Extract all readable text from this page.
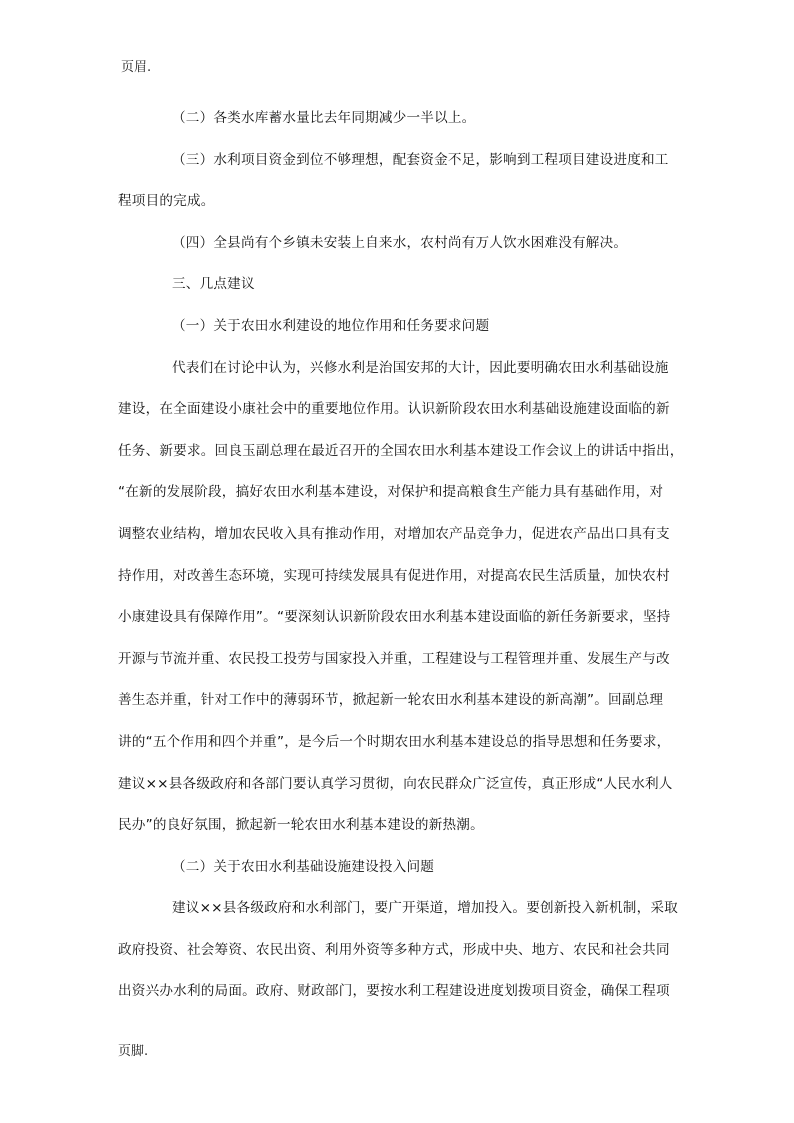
页眉.

（二）各类水库蓄水量比去年同期减少一半以上。

（三）水利项目资金到位不够理想，配套资金不足，影响到工程项目建设进度和工

程项目的完成。

（四）全县尚有个乡镇未安装上自来水，农村尚有万人饮水困难没有解决。

三、几点建议

（一）关于农田水利建设的地位作用和任务要求问题

代表们在讨论中认为，兴修水利是治国安邦的大计，因此要明确农田水利基础设施

建设，在全面建设小康社会中的重要地位作用。认识新阶段农田水利基础设施建设面临的新

任务、新要求。回良玉副总理在最近召开的全国农田水利基本建设工作会议上的讲话中指出，

“在新的发展阶段，搞好农田水利基本建设，对保护和提高粮食生产能力具有基础作用，对

调整农业结构，增加农民收入具有推动作用，对增加农产品竞争力，促进农产品出口具有支

持作用，对改善生态环境，实现可持续发展具有促进作用，对提高农民生活质量，加快农村

小康建设具有保障作用”。“要深刻认识新阶段农田水利基本建设面临的新任务新要求，坚持

开源与节流并重、农民投工投劳与国家投入并重，工程建设与工程管理并重、发展生产与改

善生态并重，针对工作中的薄弱环节，掀起新一轮农田水利基本建设的新高潮”。回副总理

讲的“五个作用和四个并重”，是今后一个时期农田水利基本建设总的指导思想和任务要求，

建议××县各级政府和各部门要认真学习贯彻，向农民群众广泛宣传，真正形成“人民水利人

民办”的良好氛围，掀起新一轮农田水利基本建设的新热潮。

（二）关于农田水利基础设施建设投入问题

建议××县各级政府和水利部门，要广开渠道，增加投入。要创新投入新机制，采取

政府投资、社会筹资、农民出资、利用外资等多种方式，形成中央、地方、农民和社会共同

出资兴办水利的局面。政府、财政部门，要按水利工程建设进度划拨项目资金，确保工程项

页脚.
